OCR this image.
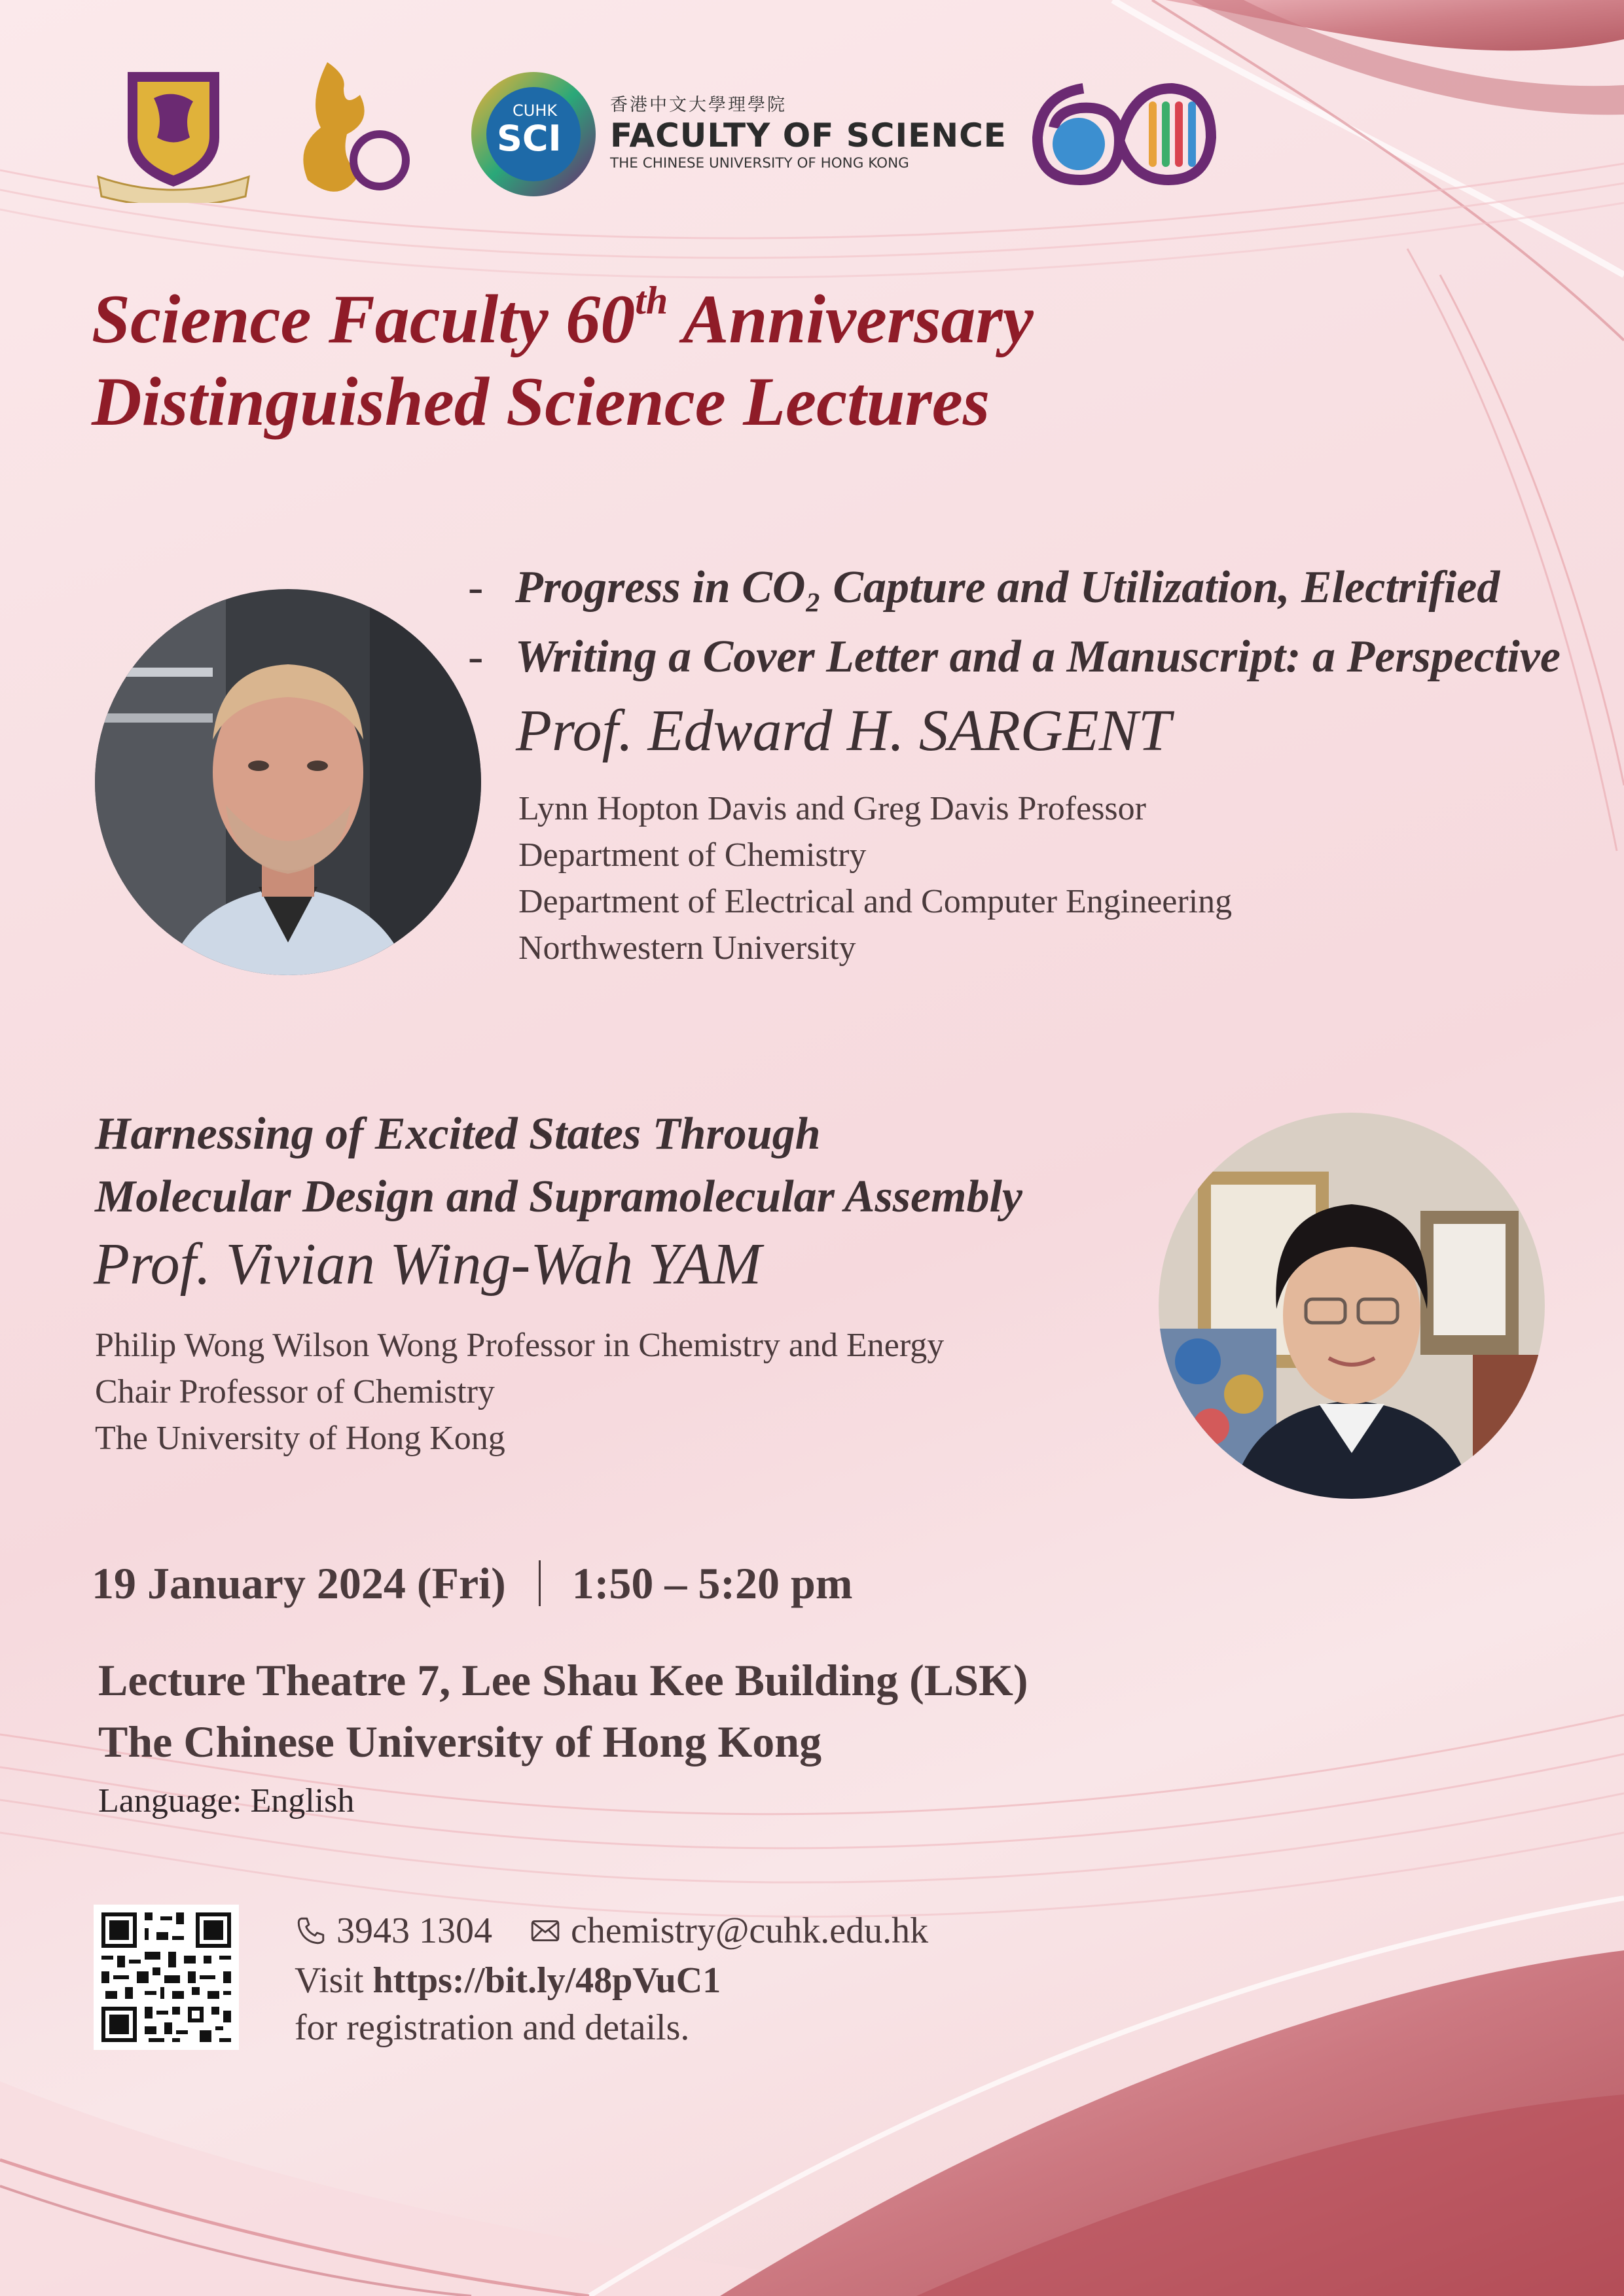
CUHK
SCI
香港中文大學理學院
FACULTY OF SCIENCE
THE CHINESE UNIVERSITY OF HONG KONG
Science Faculty 60th Anniversary
Distinguished Science Lectures
- Progress in CO₂ Capture and Utilization, Electrified
- Writing a Cover Letter and a Manuscript: a Perspective
Prof. Edward H. SARGENT
Lynn Hopton Davis and Greg Davis Professor
Department of Chemistry
Department of Electrical and Computer Engineering
Northwestern University
Harnessing of Excited States Through
Molecular Design and Supramolecular Assembly
Prof. Vivian Wing-Wah YAM
Philip Wong Wilson Wong Professor in Chemistry and Energy
Chair Professor of Chemistry
The University of Hong Kong
19 January 2024 (Fri) 1:50 – 5:20 pm
Lecture Theatre 7, Lee Shau Kee Building (LSK)
The Chinese University of Hong Kong
Language: English
3943 1304 chemistry@cuhk.edu.hk
Visit https://bit.ly/48pVuC1
for registration and details.
